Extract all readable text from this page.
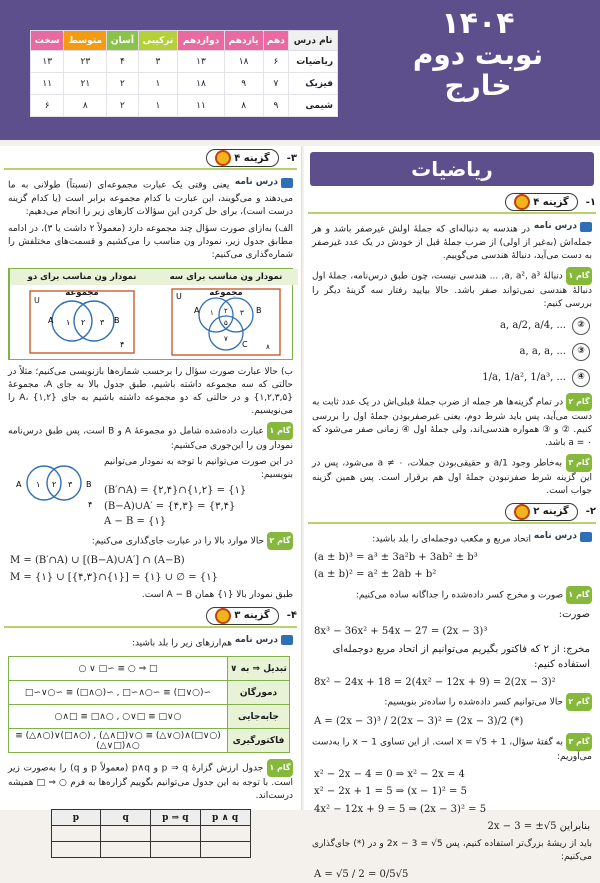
۱۴۰۴
نوبت دوم
خارج
نام درس	دهم	یازدهم	دوازدهم	ترکیبی	آسان	متوسط	سخت
ریاضیات	۶	۱۸	۱۳	۳	۴	۲۳	۱۳
فیزیک	۷	۹	۱۸	۱	۲	۲۱	۱۱
شیمی	۹	۸	۱۱	۱	۲	۸	۶
ریاضیات
۱-
گزینه ۴
درس نامه
در هندسه به دنباله‌ای که جملهٔ اولش غیرصفر باشد و هر جمله‌اش (به‌غیر از اولی) از ضرب جملهٔ قبل از خودش در یک عدد غیرصفر به دست می‌آید، دنبالهٔ هندسی می‌گوییم.
گام ۱ دنبالهٔ a, a², a³, ... هندسی نیست، چون طبق درس‌نامه، جملهٔ اول دنبالهٔ هندسی نمی‌تواند صفر باشد. حالا بیایید رفتار سه گزینهٔ دیگر را بررسی کنیم:
②
a, a/2, a/4, ...
③
a, a, a, ...
④
1/a, 1/a², 1/a³, ...
گام ۲ در تمام گزینه‌ها هر جمله از ضرب جملهٔ قبلی‌اش در یک عدد ثابت به دست می‌آید، پس باید شرط دوم، یعنی غیرصفربودن جملهٔ اول را بررسی کنیم. ② و ③ همواره هندسی‌اند، ولی جملهٔ اول ④ زمانی صفر می‌شود که a = ۰ باشد.
گام ۳ به‌خاطر وجود 1/a و حقیقی‌بودن جملات، a ≠ ۰ می‌شود، پس در این گزینه شرط صفرنبودن جملهٔ اول هم برقرار است. پس همین گزینه جواب است.
۲-
گزینه ۲
درس نامه
اتحاد مربع و مکعب دوجمله‌ای را بلد باشید:
(a ± b)³ = a³ ± 3a²b + 3ab² ± b³
(a ± b)² = a² ± 2ab + b²
گام ۱ صورت و مخرج کسر داده‌شده را جداگانه ساده می‌کنیم:
صورت:
8x³ − 36x² + 54x − 27 = (2x − 3)³
مخرج: از ۲ که فاکتور بگیریم می‌توانیم از اتحاد مربع دوجمله‌ای استفاده کنیم:
8x² − 24x + 18 = 2(4x² − 12x + 9) = 2(2x − 3)²
گام ۲ حالا می‌توانیم کسر داده‌شده را ساده‌تر بنویسیم:
A = (2x − 3)³ / 2(2x − 3)² = (2x − 3)/2 (*)
گام ۳ به گفتهٔ سؤال، x = √5 + 1 است. از این تساوی x − 1 را به‌دست می‌آوریم:
x² − 2x − 4 = 0 ⇒ x² − 2x = 4
x² − 2x + 1 = 5 ⇒ (x − 1)² = 5
4x² − 12x + 9 = 5 ⇒ (2x − 3)² = 5
بنابراین 2x − 3 = ±√5
باید از ریشهٔ بزرگ‌تر استفاده کنیم، پس 2x − 3 = √5 و در (*) جای‌گذاری می‌کنیم:
A = √5 / 2 = 0/5√5
۳-
گزینه ۴
درس نامه
یعنی وقتی یک عبارت مجموعه‌ای (نسبتاً) طولانی به ما می‌دهند و می‌گویند، این عبارت با کدام مجموعه برابر است (یا کدام گزینه درست است)، برای حل کردن این سؤالات کارهای زیر را انجام می‌دهیم:
الف) به‌ازای صورت سؤال چند مجموعه دارد (معمولاً ۲ داشت یا ۳)، در ادامه مطابق جدول زیر، نمودار ون مناسب را می‌کشیم و قسمت‌های مختلفش را شماره‌گذاری می‌کنیم:
نمودار ون مناسب برای دو مجموعه
U
A	B
۱ ۲ ۳
۴
نمودار ون مناسب برای سه مجموعه
U
A	B
C
۱ ۲ ۳
۵
۷
۸
ب) حالا عبارت صورت سؤال را برحسب شماره‌ها بازنویسی می‌کنیم؛ مثلاً در حالتی که سه مجموعه داشته باشیم، طبق جدول بالا به جای A، مجموعهٔ {۱,۲,۳,۵} و در حالتی که دو مجموعه داشته باشیم به جای A، {۱,۲} را می‌نویسیم.
گام ۱ عبارت داده‌شده شامل دو مجموعهٔ A و B است، پس طبق درس‌نامه نمودار ون را این‌جوری می‌کشیم:
A	B
۱ ۲ ۳
۴
در این صورت می‌توانیم با توجه به نمودار می‌توانیم بنویسیم:
(B′∩A) = {۲,۴}∩{۱,۲} = {۱}
(B−A)∪A′ = {۴,۳} = {۳,۴}
A − B = {۱}
گام ۲ حالا موارد بالا را در عبارت جای‌گذاری می‌کنیم:
M = (B′∩A) ∪ [(B−A)∪A′] ∩ (A−B)
M = {۱} ∪ [{۴,۳}∩{۱}] = {۱} ∪ ∅ = {۱}
طبق نمودار بالا {۱} همان A − B است.
۴-
گزینه ۳
درس نامه
هم‌ارزهای زیر را بلد باشید:
تبدیل ⇒ به ∨	□ ⇒ ○ ≡ ∼□ ∨ ○
دمورگان	∼(○∨□) ≡ ∼○∧∼□ , ∼(○∧□) ≡ ∼○∨∼□
جابه‌جایی	○∨□ ≡ □∨○ , ○∧□ ≡ □∧○
فاکتورگیری	(○∨□)∧(○∨△) ≡ ○∨(□∧△) , (○∧□)∨(○∧△) ≡ ○∧(□∨△)
گام ۱ جدول ارزش گزارهٔ p ⇒ q و p∧q (معمولاً p و q) را به‌صورت زیر است. با توجه به این جدول می‌توانیم بگوییم گزاره‌ها به فرم ○ ⇒ □ همیشه درست‌اند.
p	q	p ⇒ q	p ∧ q
